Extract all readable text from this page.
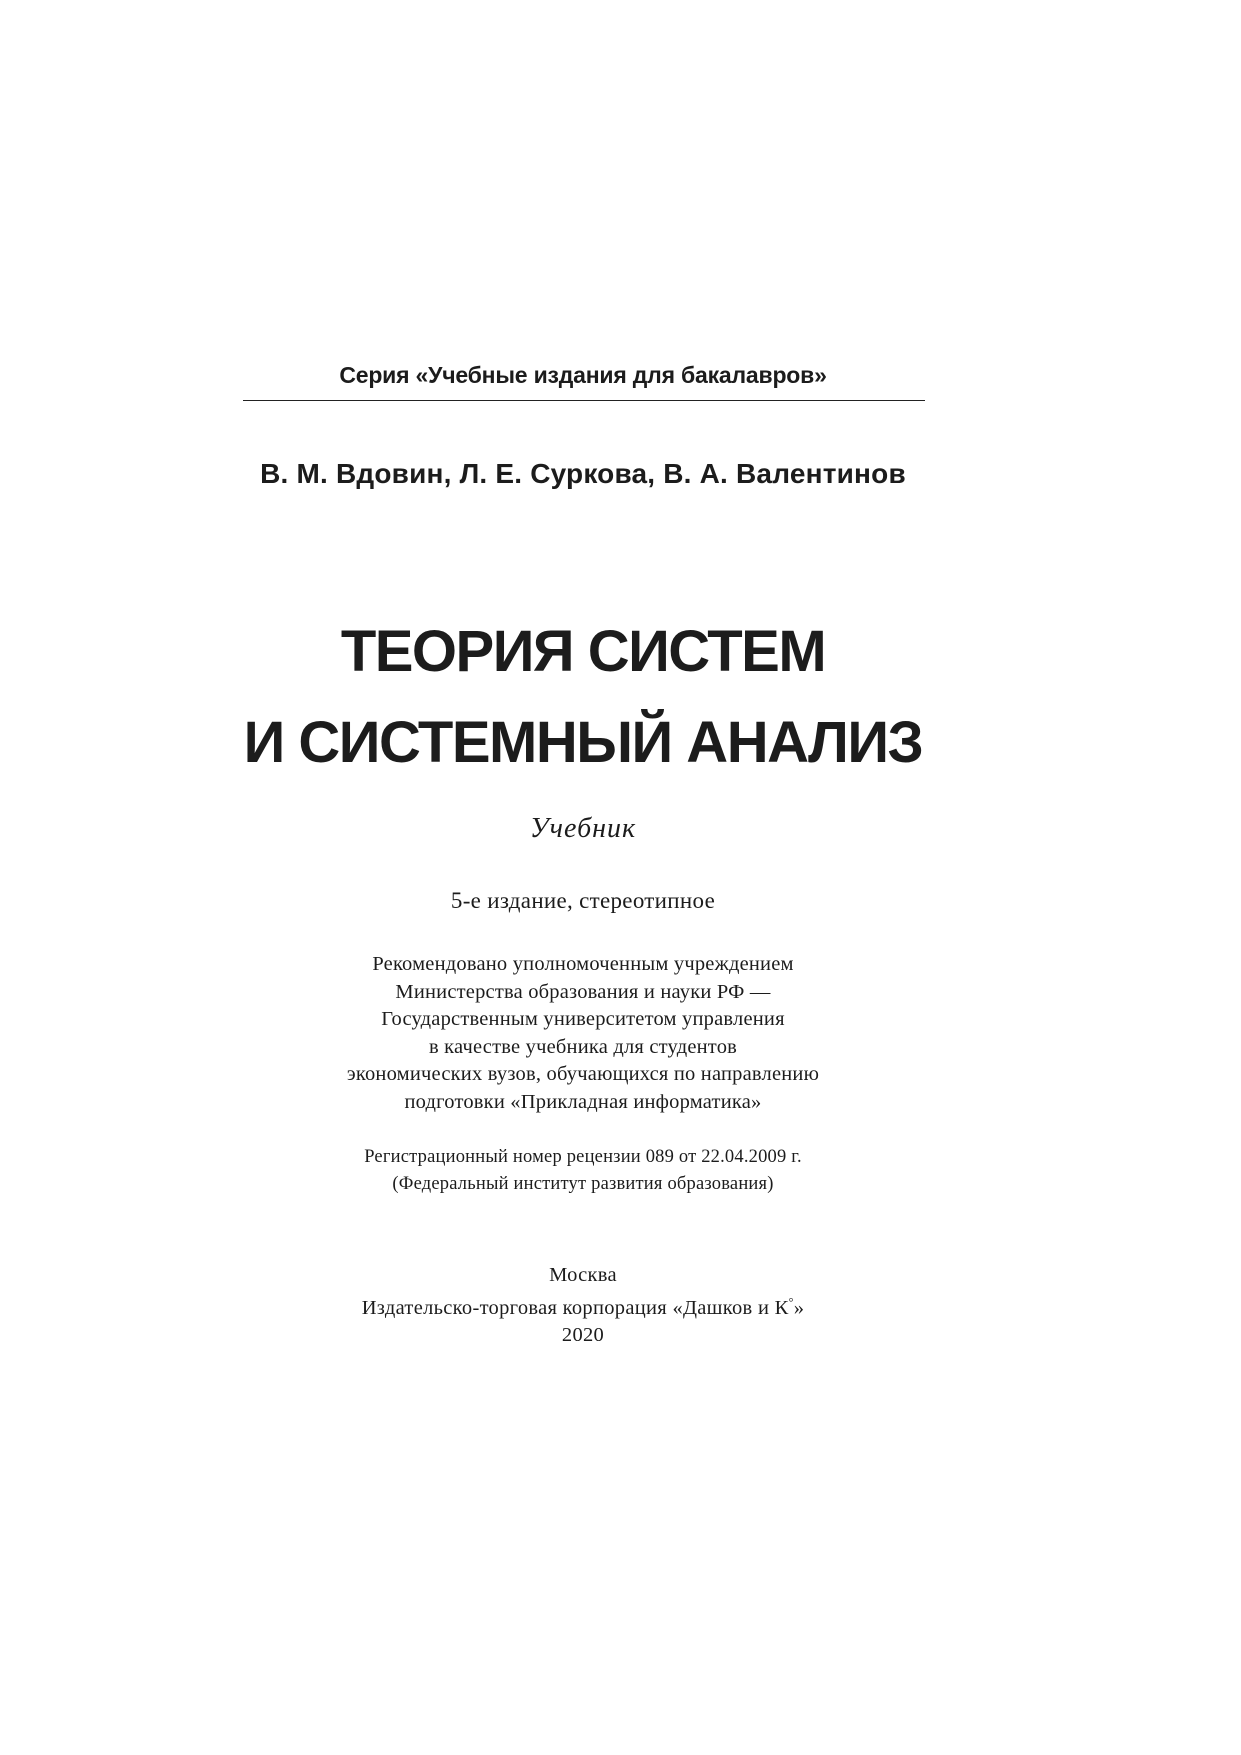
Серия «Учебные издания для бакалавров»
В. М. Вдовин, Л. Е. Суркова, В. А. Валентинов
ТЕОРИЯ СИСТЕМ
И СИСТЕМНЫЙ АНАЛИЗ
Учебник
5-е издание, стереотипное
Рекомендовано уполномоченным учреждением
Министерства образования и науки РФ —
Государственным университетом управления
в качестве учебника для студентов
экономических вузов, обучающихся по направлению
подготовки «Прикладная информатика»
Регистрационный номер рецензии 089 от 22.04.2009 г.
(Федеральный институт развития образования)
Москва
Издательско-торговая корпорация «Дашков и К°»
2020
